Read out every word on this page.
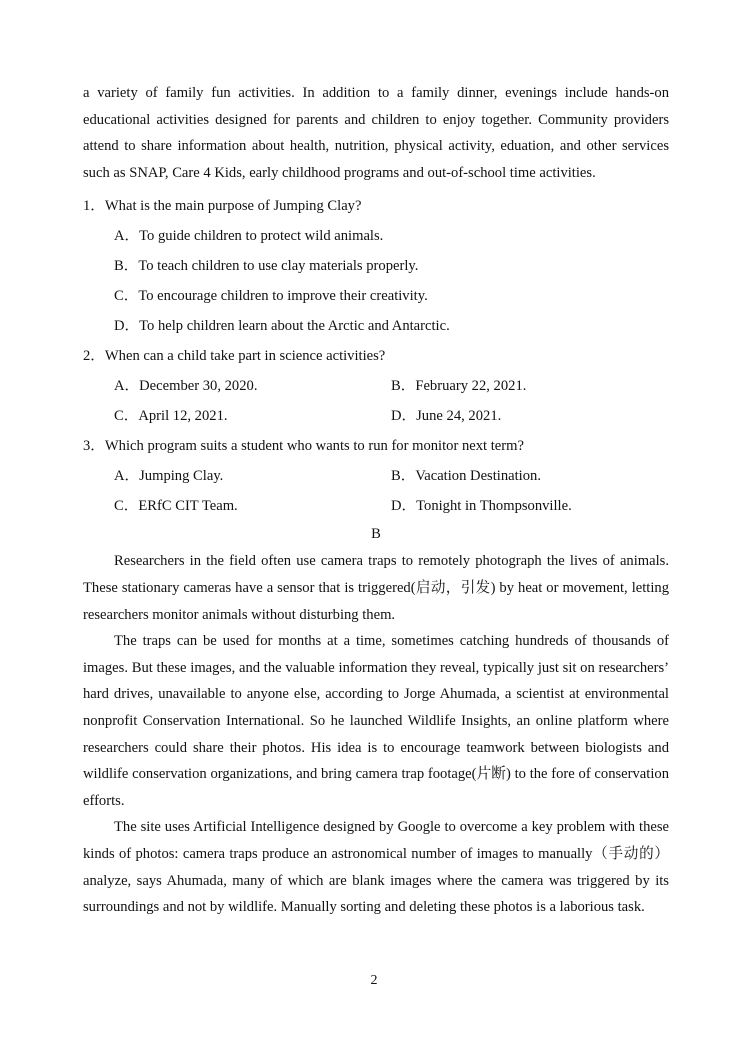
a variety of family fun activities. In addition to a family dinner, evenings include hands-on educational activities designed for parents and children to enjoy together. Community providers attend to share information about health, nutrition, physical activity, eduation, and other services such as SNAP, Care 4 Kids, early childhood programs and out-of-school time activities.

1．What is the main purpose of Jumping Clay?

A．To guide children to protect wild animals.

B．To teach children to use clay materials properly.

C．To encourage children to improve their creativity.

D．To help children learn about the Arctic and Antarctic.

2．When can a child take part in science activities?

A．December 30, 2020.	B．February 22, 2021.
C．April 12, 2021.	D．June 24, 2021.

3．Which program suits a student who wants to run for monitor next term?

A．Jumping Clay.	B．Vacation Destination.
C．ERfC CIT Team.	D．Tonight in Thompsonville.

B

Researchers in the field often use camera traps to remotely photograph the lives of animals. These stationary cameras have a sensor that is triggered(启动，引发) by heat or movement, letting researchers monitor animals without disturbing them.

The traps can be used for months at a time, sometimes catching hundreds of thousands of images. But these images, and the valuable information they reveal, typically just sit on researchers’ hard drives, unavailable to anyone else, according to Jorge Ahumada, a scientist at environmental nonprofit Conservation International. So he launched Wildlife Insights, an online platform where researchers could share their photos. His idea is to encourage teamwork between biologists and wildlife conservation organizations, and bring camera trap footage(片断) to the fore of conservation efforts.

The site uses Artificial Intelligence designed by Google to overcome a key problem with these kinds of photos: camera traps produce an astronomical number of images to manually（手动的） analyze, says Ahumada, many of which are blank images where the camera was triggered by its surroundings and not by wildlife. Manually sorting and deleting these photos is a laborious task.

2
